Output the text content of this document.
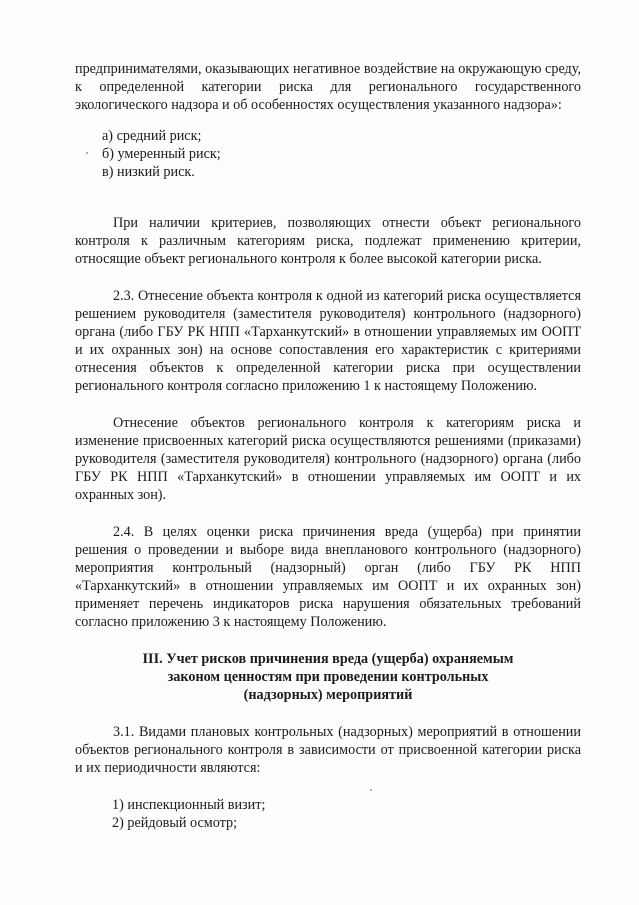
предпринимателями, оказывающих негативное воздействие на окружающую среду, к определенной категории риска для регионального государственного экологического надзора и об особенностях осуществления указанного надзора»:

а) средний риск;
б) умеренный риск;
в) низкий риск.

При наличии критериев, позволяющих отнести объект регионального контроля к различным категориям риска, подлежат применению критерии, относящие объект регионального контроля к более высокой категории риска.

2.3. Отнесение объекта контроля к одной из категорий риска осуществляется решением руководителя (заместителя руководителя) контрольного (надзорного) органа (либо ГБУ РК НПП «Тарханкутский» в отношении управляемых им ООПТ и их охранных зон) на основе сопоставления его характеристик с критериями отнесения объектов к определенной категории риска при осуществлении регионального контроля согласно приложению 1 к настоящему Положению.

Отнесение объектов регионального контроля к категориям риска и изменение присвоенных категорий риска осуществляются решениями (приказами) руководителя (заместителя руководителя) контрольного (надзорного) органа (либо ГБУ РК НПП «Тарханкутский» в отношении управляемых им ООПТ и их охранных зон).

2.4. В целях оценки риска причинения вреда (ущерба) при принятии решения о проведении и выборе вида внепланового контрольного (надзорного) мероприятия контрольный (надзорный) орган (либо ГБУ РК НПП «Тарханкутский» в отношении управляемых им ООПТ и их охранных зон) применяет перечень индикаторов риска нарушения обязательных требований согласно приложению 3 к настоящему Положению.

III. Учет рисков причинения вреда (ущерба) охраняемым

законом ценностям при проведении контрольных

(надзорных) мероприятий

3.1. Видами плановых контрольных (надзорных) мероприятий в отношении объектов регионального контроля в зависимости от присвоенной категории риска и их периодичности являются:

1) инспекционный визит;
2) рейдовый осмотр;
